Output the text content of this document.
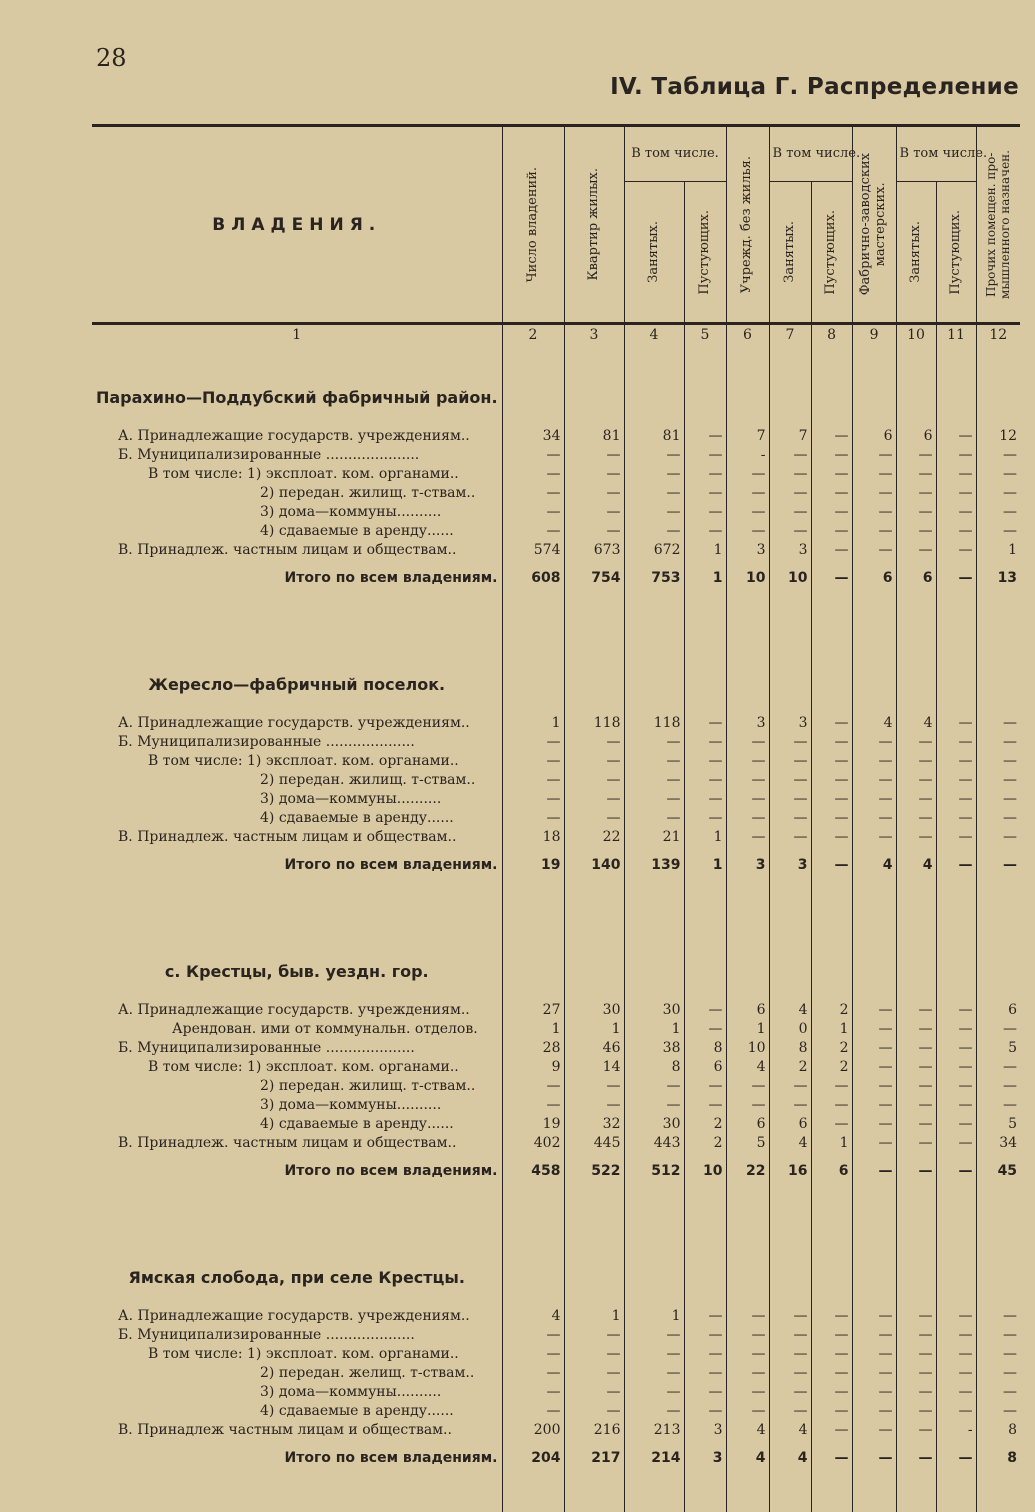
28
IV. Таблица Г. Распределение
ВЛАДЕНИЯ.	Число владений.	Квартир жилых.	В том числе.		Учрежд. без жилья.	В том числе.		Фабрично-заводских
мастерских.	В том числе.		Прочих помещен. про-
мышленного назначен.

			Занятых.	Пустующих.		Занятых.	Пустующих.		Занятых.	Пустующих.	

1	2	3	4	5	6	7	8	9	10	11	12
Парахино—Поддубский фабричный район.											

А. Принадлежащие государств. учреждениям..	34	81	81	—	7	7	—	6	6	—	12
Б. Муниципализированные .....................	—	—	—	—	-	—	—	—	—	—	—
В том числе: 1) эксплоат. ком. органами..	—	—	—	—	—	—	—	—	—	—	—
2) передан. жилищ. т-ствам..	—	—	—	—	—	—	—	—	—	—	—
3) дома—коммуны..........	—	—	—	—	—	—	—	—	—	—	—
4) сдаваемые в аренду......	—	—	—	—	—	—	—	—	—	—	—
В. Принадлеж. частным лицам и обществам..	574	673	672	1	3	3	—	—	—	—	1
Итого по всем владениям.	608	754	753	1	10	10	—	6	6	—	13

Жересло—фабричный поселок.											

А. Принадлежащие государств. учреждениям..	1	118	118	—	3	3	—	4	4	—	—
Б. Муниципализированные ....................	—	—	—	—	—	—	—	—	—	—	—
В том числе: 1) эксплоат. ком. органами..	—	—	—	—	—	—	—	—	—	—	—
2) передан. жилищ. т-ствам..	—	—	—	—	—	—	—	—	—	—	—
3) дома—коммуны..........	—	—	—	—	—	—	—	—	—	—	—
4) сдаваемые в аренду......	—	—	—	—	—	—	—	—	—	—	—
В. Принадлеж. частным лицам и обществам..	18	22	21	1	—	—	—	—	—	—	—
Итого по всем владениям.	19	140	139	1	3	3	—	4	4	—	—

с. Крестцы, быв. уездн. гор.											

А. Принадлежащие государств. учреждениям..	27	30	30	—	6	4	2	—	—	—	6
Арендован. ими от коммунальн. отделов.	1	1	1	—	1	0	1	—	—	—	—
Б. Муниципализированные ....................	28	46	38	8	10	8	2	—	—	—	5
В том числе: 1) эксплоат. ком. органами..	9	14	8	6	4	2	2	—	—	—	—
2) передан. жилищ. т-ствам..	—	—	—	—	—	—	—	—	—	—	—
3) дома—коммуны..........	—	—	—	—	—	—	—	—	—	—	—
4) сдаваемые в аренду......	19	32	30	2	6	6	—	—	—	—	5
В. Принадлеж. частным лицам и обществам..	402	445	443	2	5	4	1	—	—	—	34
Итого по всем владениям.	458	522	512	10	22	16	6	—	—	—	45

Ямская слобода, при селе Крестцы.											

А. Принадлежащие государств. учреждениям..	4	1	1	—	—	—	—	—	—	—	—
Б. Муниципализированные ....................	—	—	—	—	—	—	—	—	—	—	—
В том числе: 1) эксплоат. ком. органами..	—	—	—	—	—	—	—	—	—	—	—
2) передан. желищ. т-ствам..	—	—	—	—	—	—	—	—	—	—	—
3) дома—коммуны..........	—	—	—	—	—	—	—	—	—	—	—
4) сдаваемые в аренду......	—	—	—	—	—	—	—	—	—	—	—
В. Принадлеж частным лицам и обществам..	200	216	213	3	4	4	—	—	—	-	8
Итого по всем владениям.	204	217	214	3	4	4	—	—	—	—	8
